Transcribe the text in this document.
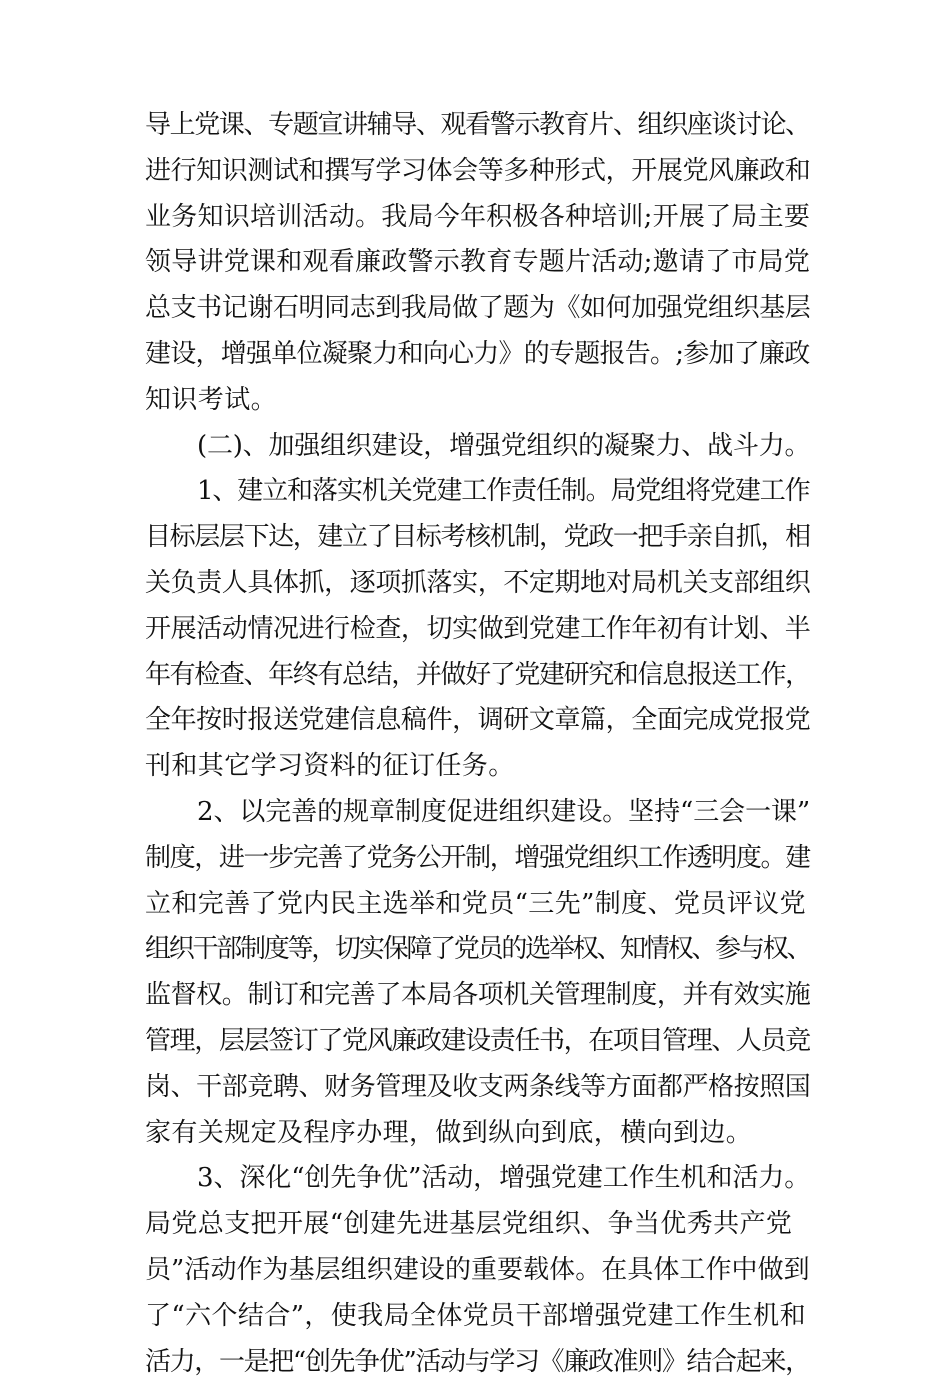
导上党课、专题宣讲辅导、观看警示教育片、组织座谈讨论、
进行知识测试和撰写学习体会等多种形式，开展党风廉政和
业务知识培训活动。我局今年积极各种培训;开展了局主要
领导讲党课和观看廉政警示教育专题片活动;邀请了市局党
总支书记谢石明同志到我局做了题为《如何加强党组织基层
建设，增强单位凝聚力和向心力》的专题报告。;参加了廉政
知识考试。
(二)、加强组织建设，增强党组织的凝聚力、战斗力。
1、建立和落实机关党建工作责任制。局党组将党建工作
目标层层下达，建立了目标考核机制，党政一把手亲自抓，相
关负责人具体抓，逐项抓落实，不定期地对局机关支部组织
开展活动情况进行检查，切实做到党建工作年初有计划、半
年有检查、年终有总结，并做好了党建研究和信息报送工作，
全年按时报送党建信息稿件，调研文章篇，全面完成党报党
刊和其它学习资料的征订任务。
2、以完善的规章制度促进组织建设。坚持“三会一课”
制度，进一步完善了党务公开制，增强党组织工作透明度。建
立和完善了党内民主选举和党员“三先”制度、党员评议党
组织干部制度等，切实保障了党员的选举权、知情权、参与权、
监督权。制订和完善了本局各项机关管理制度，并有效实施
管理，层层签订了党风廉政建设责任书，在项目管理、人员竞
岗、干部竞聘、财务管理及收支两条线等方面都严格按照国
家有关规定及程序办理，做到纵向到底，横向到边。
3、深化“创先争优”活动，增强党建工作生机和活力。
局党总支把开展“创建先进基层党组织、争当优秀共产党
员”活动作为基层组织建设的重要载体。在具体工作中做到
了“六个结合”，使我局全体党员干部增强党建工作生机和
活力，一是把“创先争优”活动与学习《廉政准则》结合起来，
